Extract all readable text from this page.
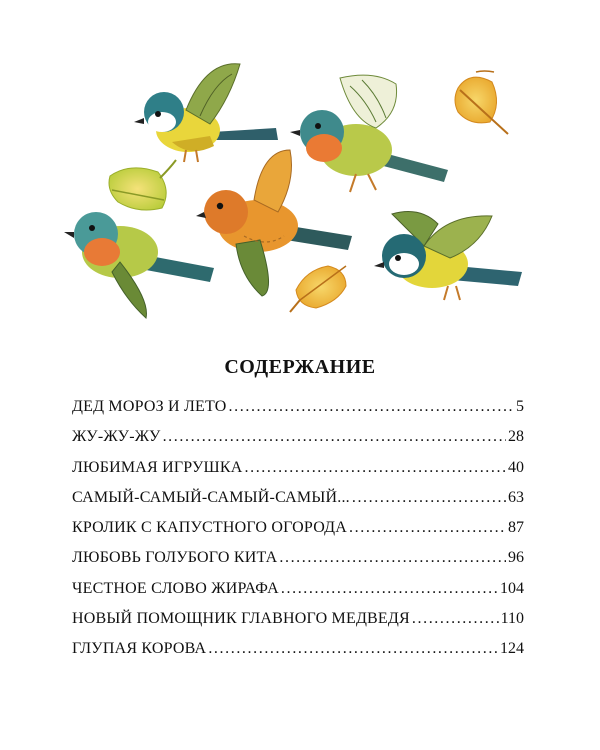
СОДЕРЖАНИЕ
ДЕД МОРОЗ И ЛЕТО . . .	5
ЖУ-ЖУ-ЖУ . . .	28
ЛЮБИМАЯ ИГРУШКА . . .	40
САМЫЙ-САМЫЙ-САМЫЙ-САМЫЙ... . . .	63
КРОЛИК С КАПУСТНОГО ОГОРОДА . . .	87
ЛЮБОВЬ ГОЛУБОГО КИТА . . .	96
ЧЕСТНОЕ СЛОВО ЖИРАФА . . .	104
НОВЫЙ ПОМОЩНИК ГЛАВНОГО МЕДВЕДЯ . . .	110
ГЛУПАЯ КОРОВА . . .	124
